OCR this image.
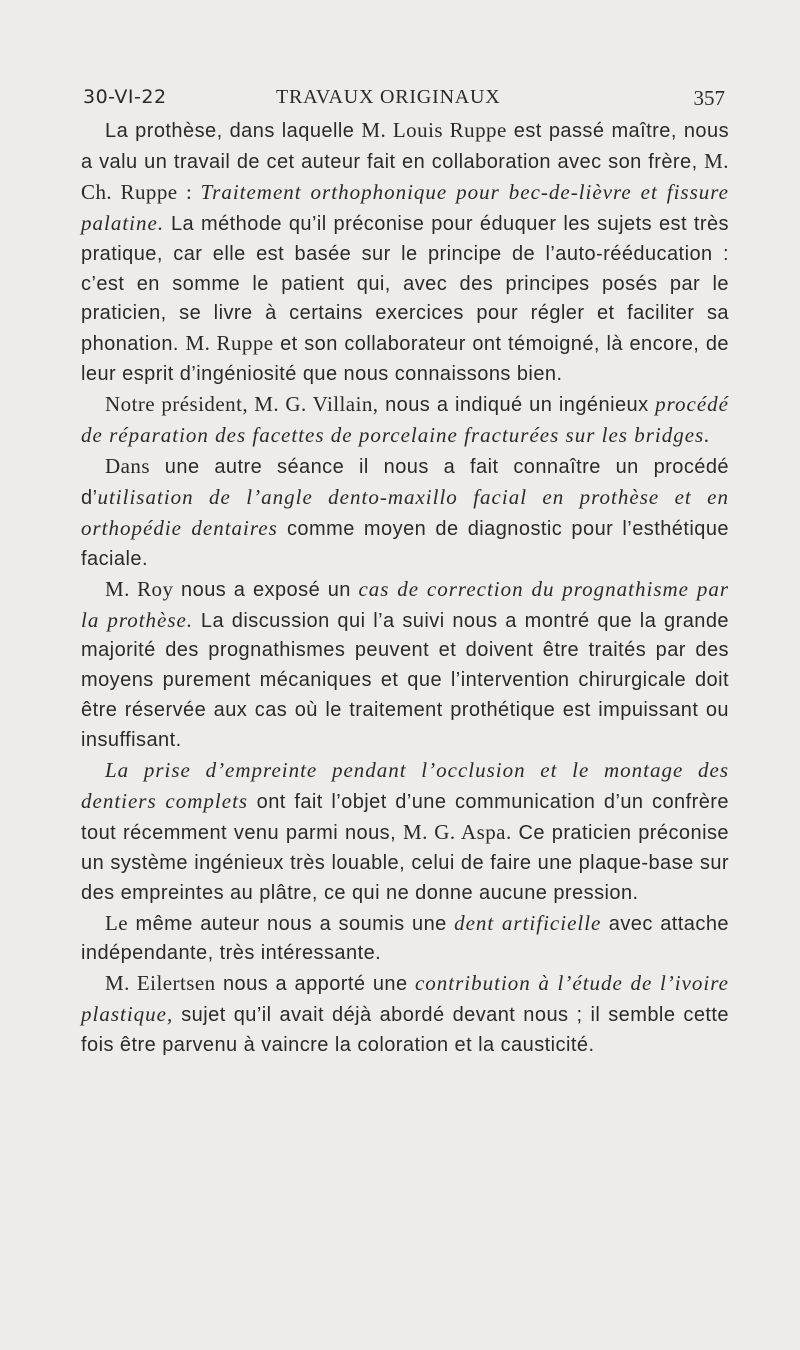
30-VI-22	TRAVAUX ORIGINAUX	357

La prothèse, dans laquelle M. Louis Ruppe est passé maître, nous a valu un travail de cet auteur fait en collaboration avec son frère, M. Ch. Ruppe : Traitement orthophonique pour bec-de-lièvre et fissure palatine. La méthode qu’il préconise pour éduquer les sujets est très pratique, car elle est basée sur le principe de l’auto-rééducation : c’est en somme le patient qui, avec des principes posés par le praticien, se livre à certains exercices pour régler et faciliter sa phonation. M. Ruppe et son collaborateur ont témoigné, là encore, de leur esprit d’ingéniosité que nous connaissons bien.

Notre président, M. G. Villain, nous a indiqué un ingénieux procédé de réparation des facettes de porcelaine fracturées sur les bridges.

Dans une autre séance il nous a fait connaître un procédé d’utilisation de l’angle dento-maxillo facial en prothèse et en orthopédie dentaires comme moyen de diagnostic pour l’esthétique faciale.

M. Roy nous a exposé un cas de correction du prognathisme par la prothèse. La discussion qui l’a suivi nous a montré que la grande majorité des prognathismes peuvent et doivent être traités par des moyens purement mécaniques et que l’intervention chirurgicale doit être réservée aux cas où le traitement prothétique est impuissant ou insuffisant.

La prise d’empreinte pendant l’occlusion et le montage des dentiers complets ont fait l’objet d’une communication d’un confrère tout récemment venu parmi nous, M. G. Aspa. Ce praticien préconise un système ingénieux très louable, celui de faire une plaque-base sur des empreintes au plâtre, ce qui ne donne aucune pression.

Le même auteur nous a soumis une dent artificielle avec attache indépendante, très intéressante.

M. Eilertsen nous a apporté une contribution à l’étude de l’ivoire plastique, sujet qu’il avait déjà abordé devant nous ; il semble cette fois être parvenu à vaincre la coloration et la causticité.
